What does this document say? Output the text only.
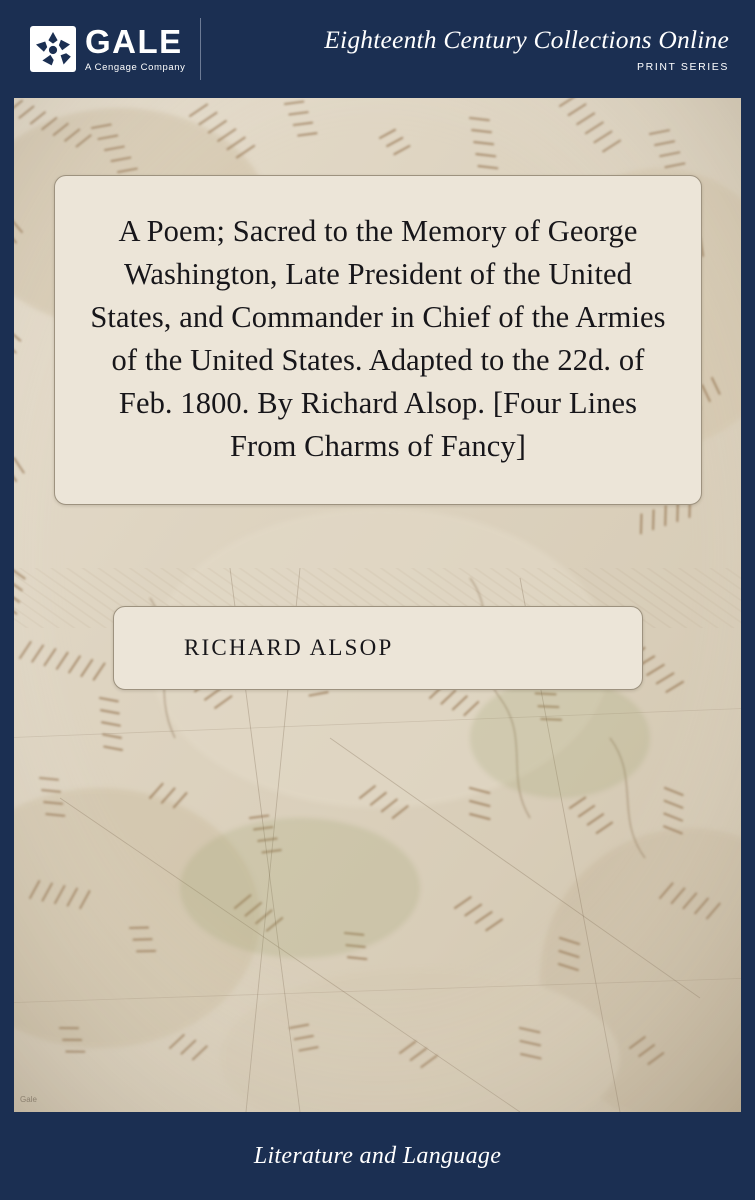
GALE
A Cengage Company
Eighteenth Century Collections Online
PRINT SERIES
A Poem; Sacred to the Memory of George Washington, Late President of the United States, and Commander in Chief of the Armies of the United States. Adapted to the 22d. of Feb. 1800. By Richard Alsop. [Four Lines From Charms of Fancy]
RICHARD ALSOP
Gale
Literature and Language
